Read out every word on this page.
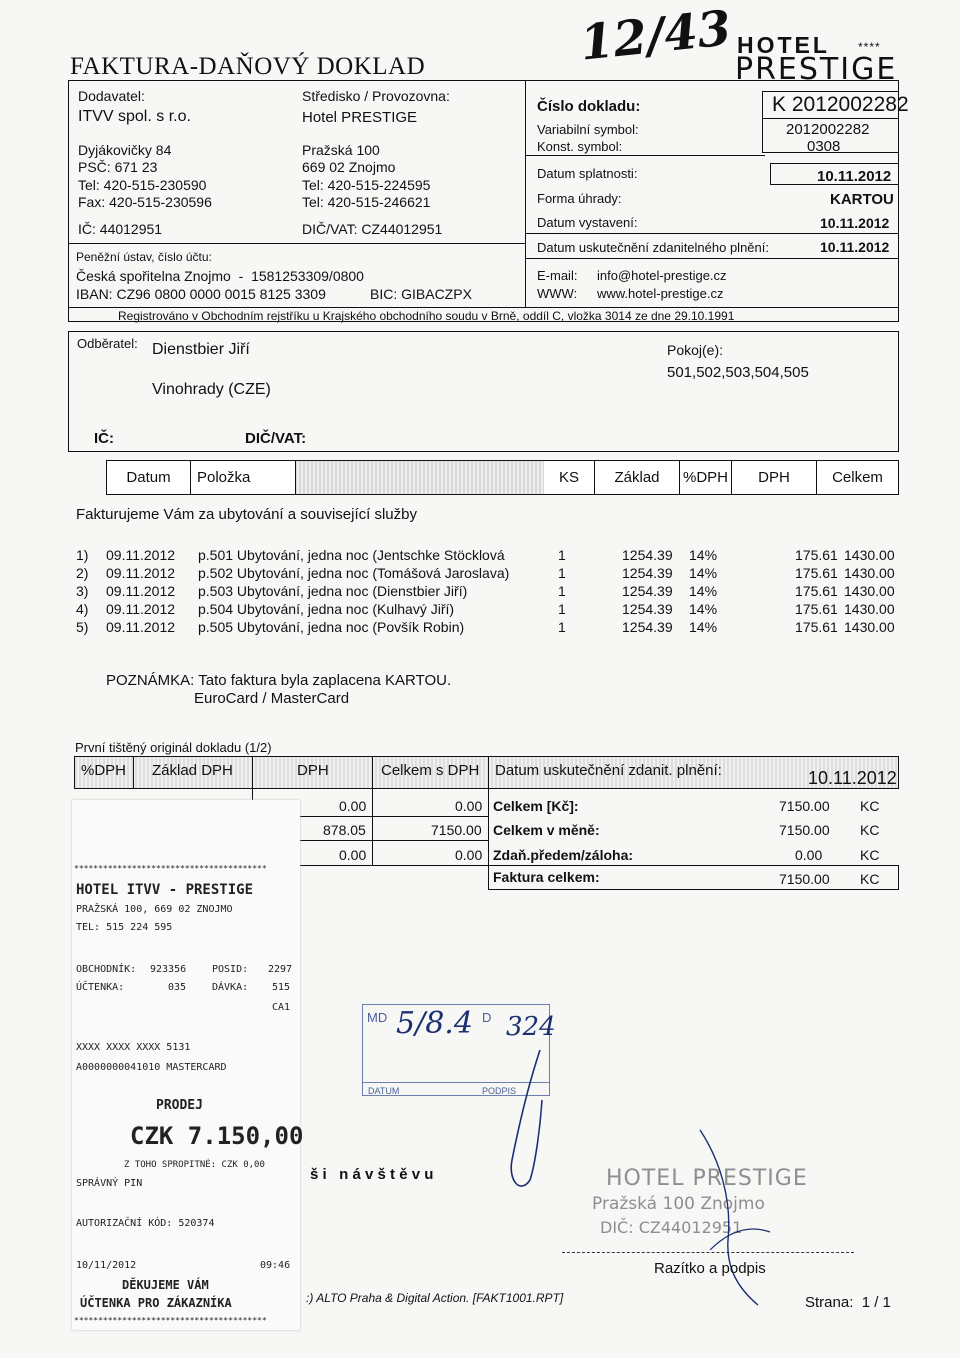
FAKTURA-DAŇOVÝ DOKLAD	12/43 HOTEL ****
PRESTIGE
Dodavatel:
ITVV spol. s r.o.
Dyjákovičky 84
PSČ: 671 23
Tel: 420-515-230590
Fax: 420-515-230596
IČ: 44012951
Středisko / Provozovna:
Hotel PRESTIGE
Pražská 100
669 02 Znojmo
Tel: 420-515-224595
Tel: 420-515-246621
DIČ/VAT: CZ44012951
Peněžní ústav, číslo účtu:
Česká spořitelna Znojmo  -  1581253309/0800
IBAN: CZ96 0800 0000 0015 8125 3309	BIC: GIBACZPX
Číslo dokladu:	K 2012002282
Variabilní symbol:	2012002282
Konst. symbol:	0308
Datum splatnosti:	10.11.2012
Forma úhrady:	KARTOU
Datum vystavení:	10.11.2012
Datum uskutečnění zdanitelného plnění:	10.11.2012
E-mail: info@hotel-prestige.cz
WWW: www.hotel-prestige.cz
Registrováno v Obchodním rejstříku u Krajského obchodního soudu v Brně, oddíl C, vložka 3014 ze dne 29.10.1991
Odběratel: Dienstbier Jiří
Vinohrady (CZE)
Pokoj(e):
501,502,503,504,505
IČ:	DIČ/VAT:
Datum	Položka	KS	Základ	%DPH	DPH	Celkem
Fakturujeme Vám za ubytování a související služby
1) 09.11.2012 p.501 Ubytování, jedna noc (Jentschke Stöcklová	1	1254.39 14%	175.61 1430.00
2) 09.11.2012 p.502 Ubytování, jedna noc (Tomášová Jaroslava)	1	1254.39 14%	175.61 1430.00
3) 09.11.2012 p.503 Ubytování, jedna noc (Dienstbier Jiří)	1	1254.39 14%	175.61 1430.00
4) 09.11.2012 p.504 Ubytování, jedna noc (Kulhavý Jiří)	1	1254.39 14%	175.61 1430.00
5) 09.11.2012 p.505 Ubytování, jedna noc (Povšík Robin)	1	1254.39 14%	175.61 1430.00
POZNÁMKA: Tato faktura byla zaplacena KARTOU.
EuroCard / MasterCard
První tištěný originál dokladu (1/2)
%DPH Základ DPH	DPH	Celkem s DPH Datum uskutečnění zdanit. plnění:	10.11.2012
0.00	0.00
878.05	7150.00
0.00	0.00
Celkem [Kč]:	7150.00 KC
Celkem v měně:	7150.00 KC
Zdaň.předem/záloha:	0.00	KC
Faktura celkem:	7150.00 KC
****************************************
HOTEL ITVV - PRESTIGE
PRAŽSKÁ 100, 669 02 ZNOJMO
TEL: 515 224 595
OBCHODNÍK: 923356	POSID: 2297
ÚČTENKA:	035	DÁVKA: 515
CA1
XXXX XXXX XXXX 5131
A0000000041010 MASTERCARD
PRODEJ
CZK 7.150,00
Z TOHO SPROPITNÉ: CZK 0,00
SPRÁVNÝ PIN
AUTORIZAČNÍ KÓD: 520374
10/11/2012	09:46
DĚKUJEME VÁM
ÚČTENKA PRO ZÁKAZNÍKA
****************************************
MD 5/8.4 D 324
DATUM	PODPIS
š i   n á v š t ě v u
:) ALTO Praha & Digital Action. [FAKT1001.RPT]
HOTEL PRESTIGE
Pražská 100 Znojmo
DIČ: CZ44012951
Razítko a podpis
Strana:  1 / 1
